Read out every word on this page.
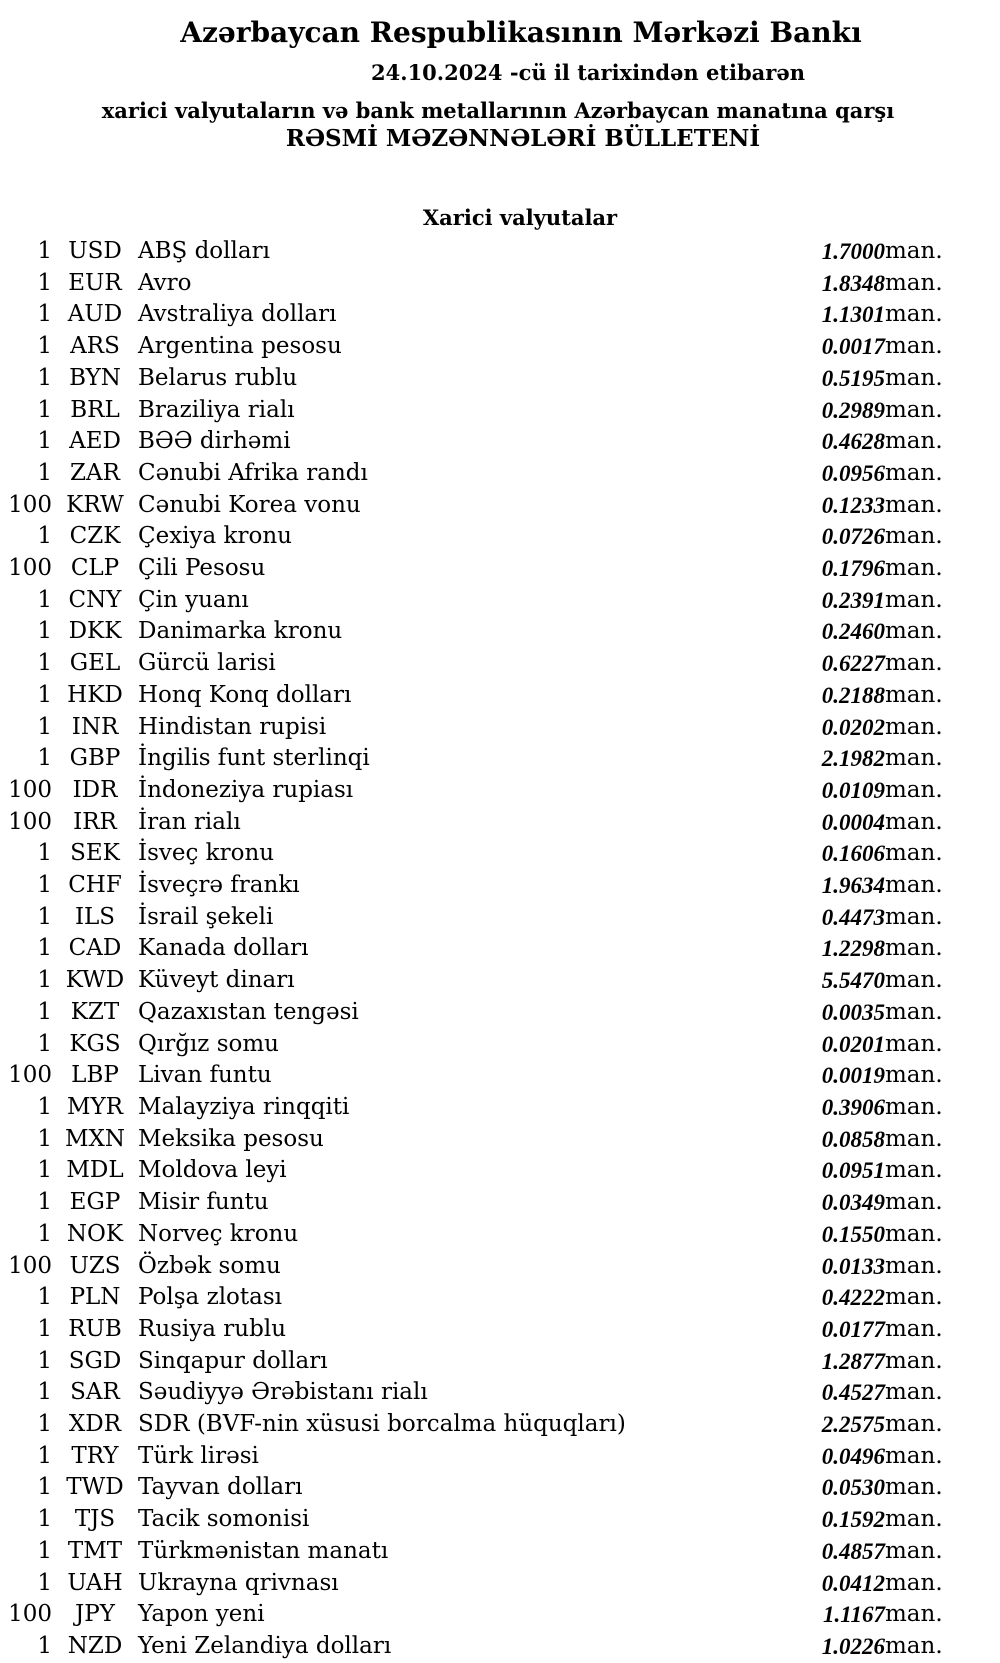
Azərbaycan Respublikasının Mərkəzi Bankı
24.10.2024 -cü il tarixindən etibarən
xarici valyutaların və bank metallarının Azərbaycan manatına qarşı
RƏSMİ MƏZƏNNƏLƏRİ BÜLLETENİ
Xarici valyutalar
1	USD	ABŞ dolları	1.7000	man.
1	EUR	Avro	1.8348	man.
1	AUD	Avstraliya dolları	1.1301	man.
1	ARS	Argentina pesosu	0.0017	man.
1	BYN	Belarus rublu	0.5195	man.
1	BRL	Braziliya rialı	0.2989	man.
1	AED	BƏƏ dirhəmi	0.4628	man.
1	ZAR	Cənubi Afrika randı	0.0956	man.
100	KRW	Cənubi Korea vonu	0.1233	man.
1	CZK	Çexiya kronu	0.0726	man.
100	CLP	Çili Pesosu	0.1796	man.
1	CNY	Çin yuanı	0.2391	man.
1	DKK	Danimarka kronu	0.2460	man.
1	GEL	Gürcü larisi	0.6227	man.
1	HKD	Honq Konq dolları	0.2188	man.
1	INR	Hindistan rupisi	0.0202	man.
1	GBP	İngilis funt sterlinqi	2.1982	man.
100	IDR	İndoneziya rupiası	0.0109	man.
100	IRR	İran rialı	0.0004	man.
1	SEK	İsveç kronu	0.1606	man.
1	CHF	İsveçrə frankı	1.9634	man.
1	ILS	İsrail şekeli	0.4473	man.
1	CAD	Kanada dolları	1.2298	man.
1	KWD	Küveyt dinarı	5.5470	man.
1	KZT	Qazaxıstan tengəsi	0.0035	man.
1	KGS	Qırğız somu	0.0201	man.
100	LBP	Livan funtu	0.0019	man.
1	MYR	Malayziya rinqqiti	0.3906	man.
1	MXN	Meksika pesosu	0.0858	man.
1	MDL	Moldova leyi	0.0951	man.
1	EGP	Misir funtu	0.0349	man.
1	NOK	Norveç kronu	0.1550	man.
100	UZS	Özbək somu	0.0133	man.
1	PLN	Polşa zlotası	0.4222	man.
1	RUB	Rusiya rublu	0.0177	man.
1	SGD	Sinqapur dolları	1.2877	man.
1	SAR	Səudiyyə Ərəbistanı rialı	0.4527	man.
1	XDR	SDR (BVF-nin xüsusi borcalma hüquqları)	2.2575	man.
1	TRY	Türk lirəsi	0.0496	man.
1	TWD	Tayvan dolları	0.0530	man.
1	TJS	Tacik somonisi	0.1592	man.
1	TMT	Türkmənistan manatı	0.4857	man.
1	UAH	Ukrayna qrivnası	0.0412	man.
100	JPY	Yapon yeni	1.1167	man.
1	NZD	Yeni Zelandiya dolları	1.0226	man.
